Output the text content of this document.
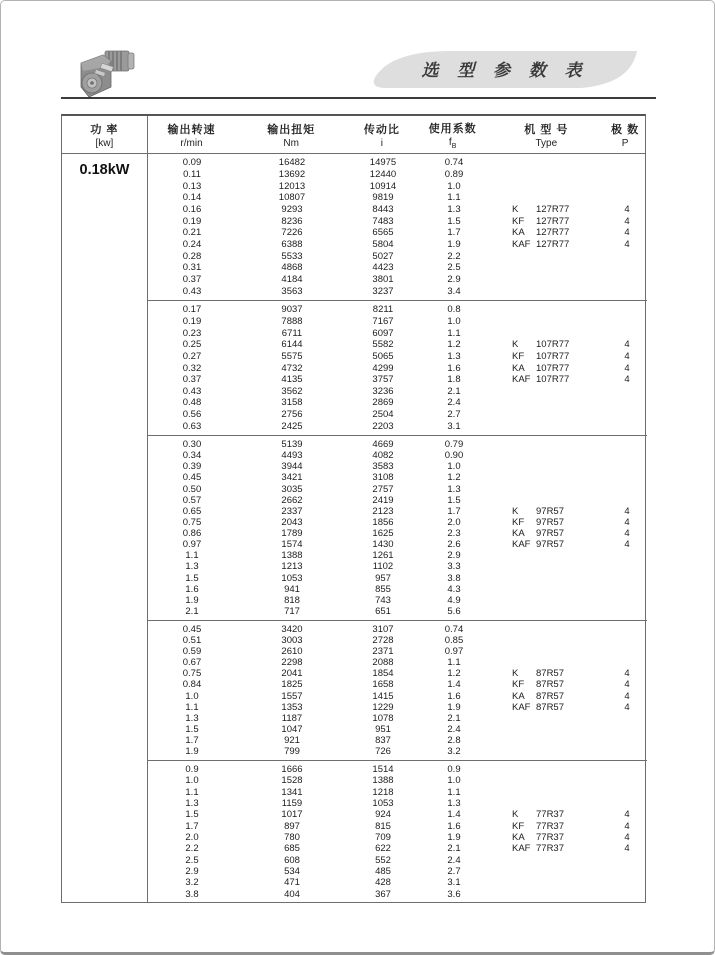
选 型 参 数 表
功 率
[kw]
输出转速
r/min
输出扭矩
Nm
传动比
i
使用系数
$f_B$
机 型 号
Type
极 数
P
0.18kW	0.09	16482	14975	0.74
0.11	13692	12440	0.89
0.13	12013	10914	1.0
0.14	10807	9819	1.1
0.16	9293	8443	1.3	K 127R77	4
0.19	8236	7483	1.5	KF 127R77	4
0.21	7226	6565	1.7	KA 127R77	4
0.24	6388	5804	1.9	KAF 127R77	4
0.28	5533	5027	2.2
0.31	4868	4423	2.5
0.37	4184	3801	2.9
0.43	3563	3237	3.4
0.17	9037	8211	0.8
0.19	7888	7167	1.0
0.23	6711	6097	1.1
0.25	6144	5582	1.2	K 107R77	4
0.27	5575	5065	1.3	KF 107R77	4
0.32	4732	4299	1.6	KA 107R77	4
0.37	4135	3757	1.8	KAF 107R77	4
0.43	3562	3236	2.1
0.48	3158	2869	2.4
0.56	2756	2504	2.7
0.63	2425	2203	3.1
0.30	5139	4669	0.79
0.34	4493	4082	0.90
0.39	3944	3583	1.0
0.45	3421	3108	1.2
0.50	3035	2757	1.3
0.57	2662	2419	1.5
0.65	2337	2123	1.7	K 97R57	4
0.75	2043	1856	2.0	KF 97R57	4
0.86	1789	1625	2.3	KA 97R57	4
0.97	1574	1430	2.6	KAF 97R57	4
1.1	1388	1261	2.9
1.3	1213	1102	3.3
1.5	1053	957	3.8
1.6	941	855	4.3
1.9	818	743	4.9
2.1	717	651	5.6
0.45	3420	3107	0.74
0.51	3003	2728	0.85
0.59	2610	2371	0.97
0.67	2298	2088	1.1
0.75	2041	1854	1.2	K 87R57	4
0.84	1825	1658	1.4	KF 87R57	4
1.0	1557	1415	1.6	KA 87R57	4
1.1	1353	1229	1.9	KAF 87R57	4
1.3	1187	1078	2.1
1.5	1047	951	2.4
1.7	921	837	2.8
1.9	799	726	3.2
0.9	1666	1514	0.9
1.0	1528	1388	1.0
1.1	1341	1218	1.1
1.3	1159	1053	1.3
1.5	1017	924	1.4	K 77R37	4
1.7	897	815	1.6	KF 77R37	4
2.0	780	709	1.9	KA 77R37	4
2.2	685	622	2.1	KAF 77R37	4
2.5	608	552	2.4
2.9	534	485	2.7
3.2	471	428	3.1
3.8	404	367	3.6
